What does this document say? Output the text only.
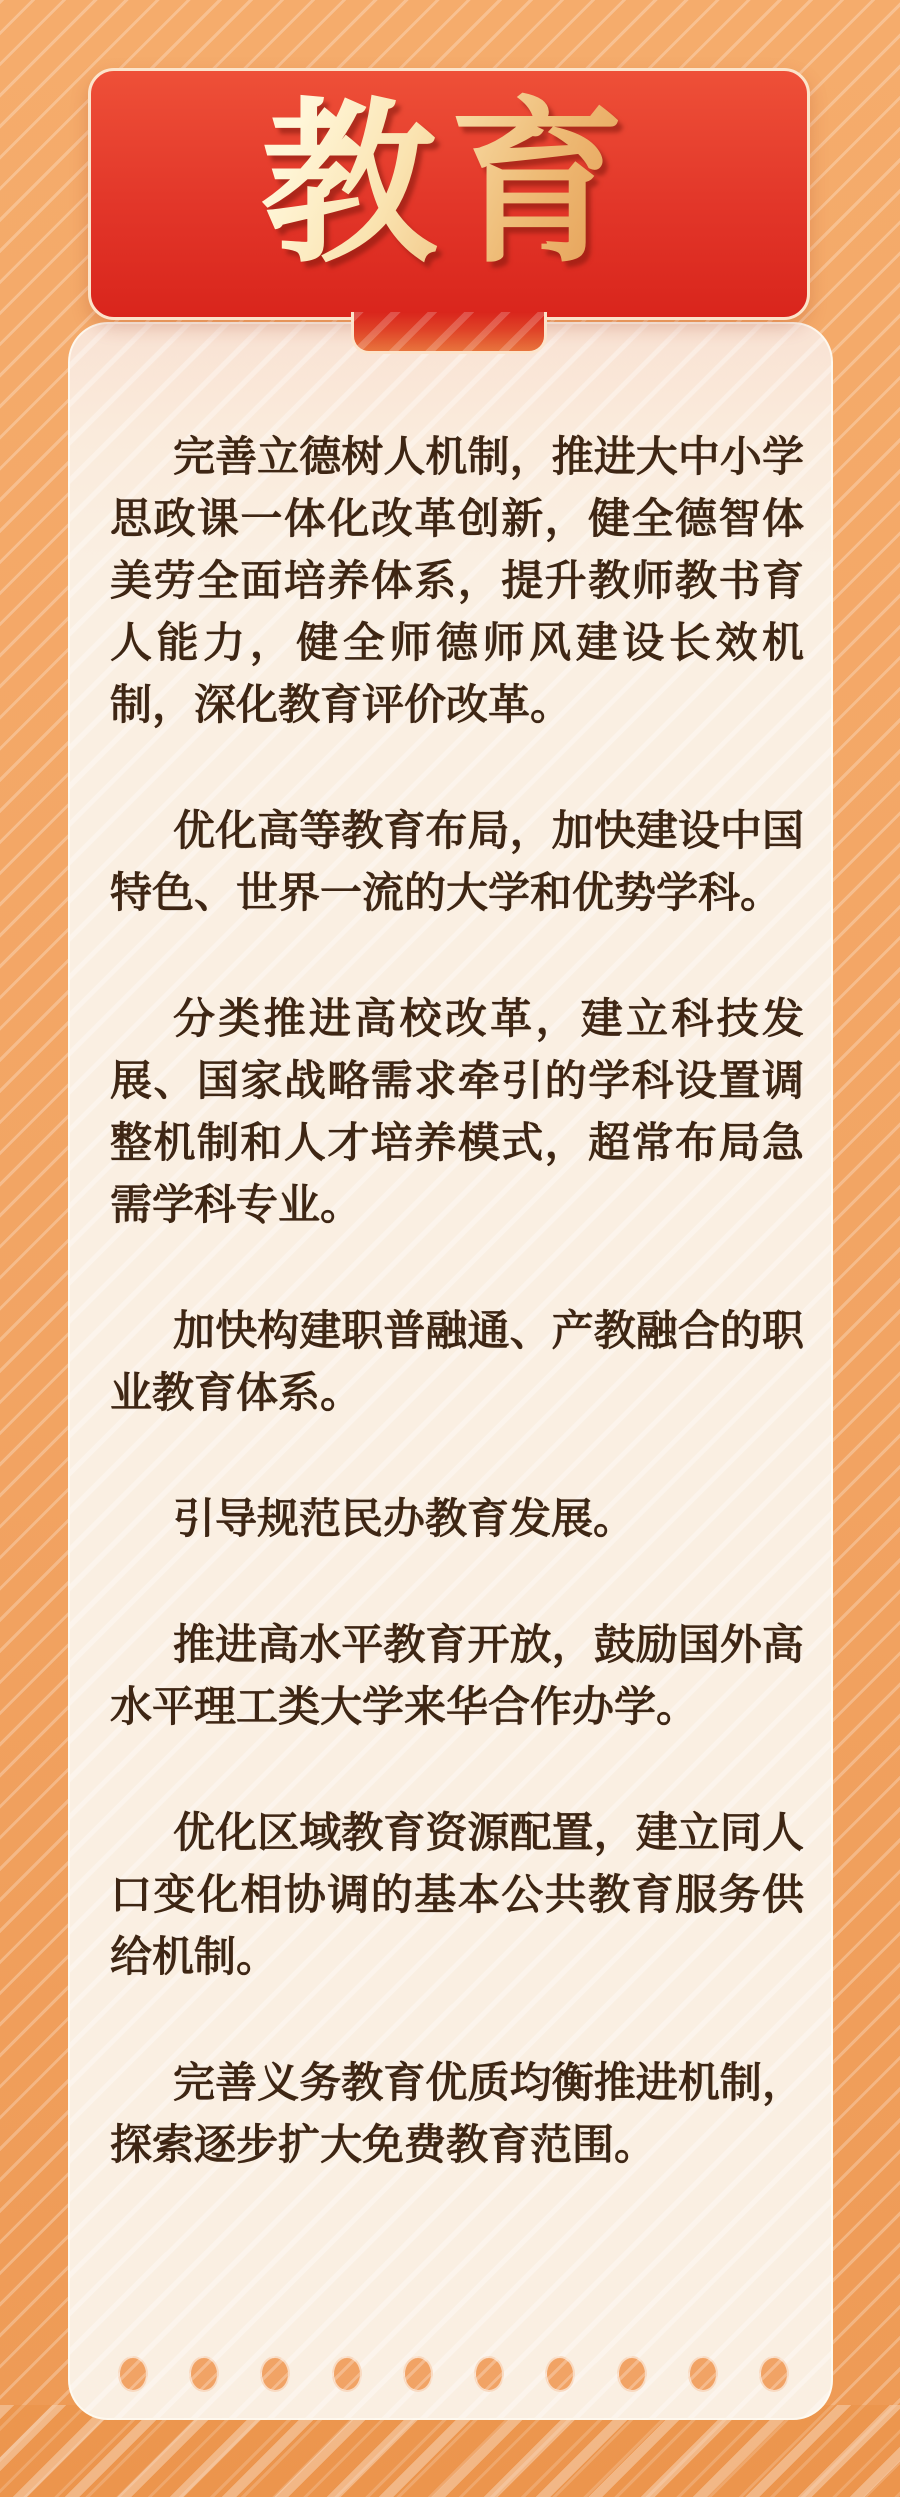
完善立德树人机制，推进大中小学思政课一体化改革创新，健全德智体美劳全面培养体系，提升教师教书育人能力，健全师德师风建设长效机制，深化教育评价改革。

优化高等教育布局，加快建设中国特色、世界一流的大学和优势学科。

分类推进高校改革，建立科技发展、国家战略需求牵引的学科设置调整机制和人才培养模式，超常布局急需学科专业。

加快构建职普融通、产教融合的职业教育体系。

引导规范民办教育发展。

推进高水平教育开放，鼓励国外高水平理工类大学来华合作办学。

优化区域教育资源配置，建立同人口变化相协调的基本公共教育服务供给机制。

完善义务教育优质均衡推进机制，探索逐步扩大免费教育范围。

教育
